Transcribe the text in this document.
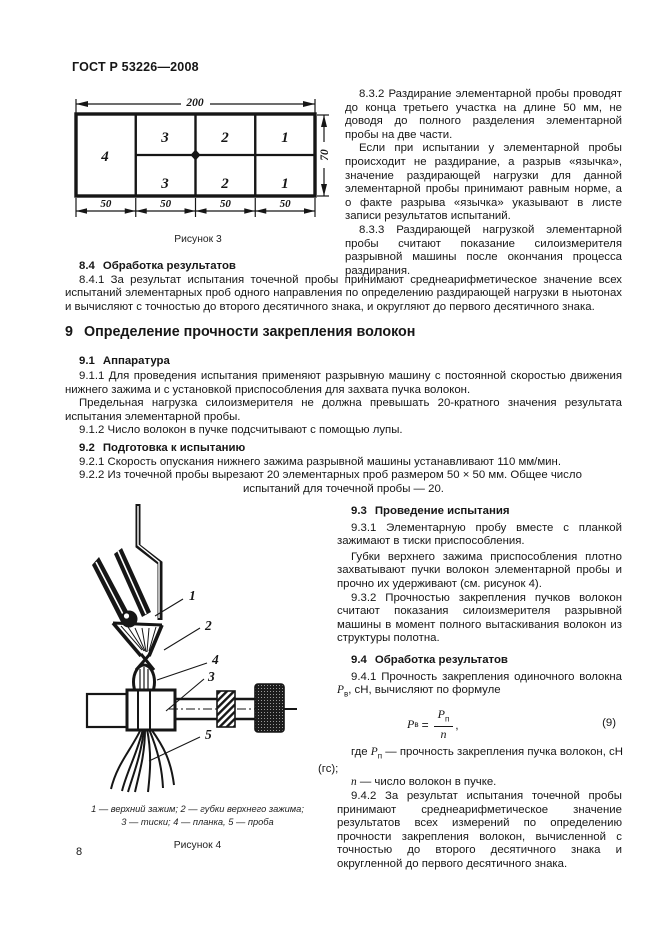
ГОСТ Р 53226—2008
200
4
3	2	1
3	2	1
70
50	50	50	50
Рисунок 3

8.3.2 Раздирание элементарной пробы проводят до конца третьего участка на длине 50 мм, не доводя до полного разделения элементарной пробы на две части.

Если при испытании у элементарной пробы происходит не раздирание, а разрыв «язычка», значение раздирающей нагрузки для данной элементарной пробы принимают равным норме, а о факте разрыва «язычка» указывают в листе записи результатов испытаний.

8.3.3 Раздирающей нагрузкой элементарной пробы считают показание силоизмерителя разрывной машины после окончания процесса раздирания.

8.4 Обработка результатов

8.4.1 За результат испытания точечной пробы принимают среднеарифметическое значение всех испытаний элементарных проб одного направления по определению раздирающей нагрузки в ньютонах и вычисляют с точностью до второго десятичного знака, и округляют до первого десятичного знака.

9 Определение прочности закрепления волокон

9.1 Аппаратура

9.1.1 Для проведения испытания применяют разрывную машину с постоянной скоростью движения нижнего зажима и с установкой приспособления для захвата пучка волокон.

Предельная нагрузка силоизмерителя не должна превышать 20-кратного значения результата испытания элементарной пробы.

9.1.2 Число волокон в пучке подсчитывают с помощью лупы.

9.2 Подготовка к испытанию

9.2.1 Скорость опускания нижнего зажима разрывной машины устанавливают 110 мм/мин.

9.2.2 Из точечной пробы вырезают 20 элементарных проб размером 50 × 50 мм. Общее число

испытаний для точечной пробы — 20.

1
2
4
3
5
1 — верхний зажим; 2 — губки верхнего зажима;
3 — тиски; 4 — планка, 5 — проба
Рисунок 4

9.3 Проведение испытания

9.3.1 Элементарную пробу вместе с планкой зажимают в тиски приспособления.

Губки верхнего зажима приспособления плотно захватывают пучки волокон элементарной пробы и прочно их удерживают (см. рисунок 4).

9.3.2 Прочностью закрепления пучков волокон считают показания силоизмерителя разрывной машины в момент полного вытаскивания волокон из структуры полотна.

9.4 Обработка результатов

9.4.1 Прочность закрепления одиночного волокна $P_в$, сН, вычисляют по формуле

P $в = \frac{P_п}{n}$ ,	(9)

где $P_п$ — прочность закрепления пучка волокон, сН

(гс);

n — число волокон в пучке.

9.4.2 За результат испытания точечной пробы принимают среднеарифметическое значение результатов всех измерений по определению прочности закрепления волокон, вычисленной с точностью до второго десятичного знака и округленной до первого десятичного знака.

8
